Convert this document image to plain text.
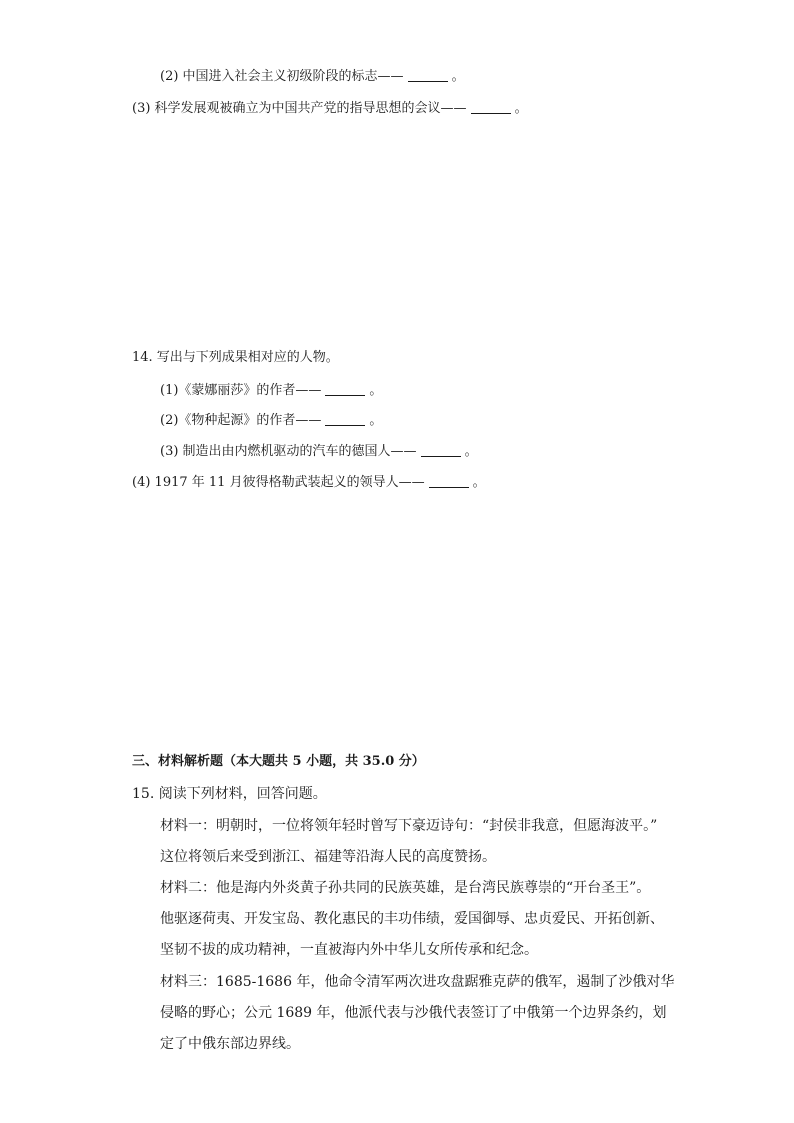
(2) 中国进入社会主义初级阶段的标志——	。
(3) 科学发展观被确立为中国共产党的指导思想的会议——	。
14. 写出与下列成果相对应的人物。
(1)《蒙娜丽莎》的作者——	。
(2)《物种起源》的作者——	。
(3) 制造出由内燃机驱动的汽车的德国人——	。
(4) 1917 年 11 月彼得格勒武装起义的领导人——	。
三、材料解析题（本大题共 5 小题，共 35.0 分）
15. 阅读下列材料，回答问题。
材料一：明朝时，一位将领年轻时曾写下豪迈诗句：“封侯非我意，但愿海波平。”
这位将领后来受到浙江、福建等沿海人民的高度赞扬。
材料二：他是海内外炎黄子孙共同的民族英雄，是台湾民族尊崇的“开台圣王”。
他驱逐荷夷、开发宝岛、教化惠民的丰功伟绩，爱国御辱、忠贞爱民、开拓创新、
坚韧不拔的成功精神，一直被海内外中华儿女所传承和纪念。
材料三：1685-1686 年，他命令清军两次进攻盘踞雅克萨的俄军，遏制了沙俄对华
侵略的野心；公元 1689 年，他派代表与沙俄代表签订了中俄第一个边界条约，划
定了中俄东部边界线。
